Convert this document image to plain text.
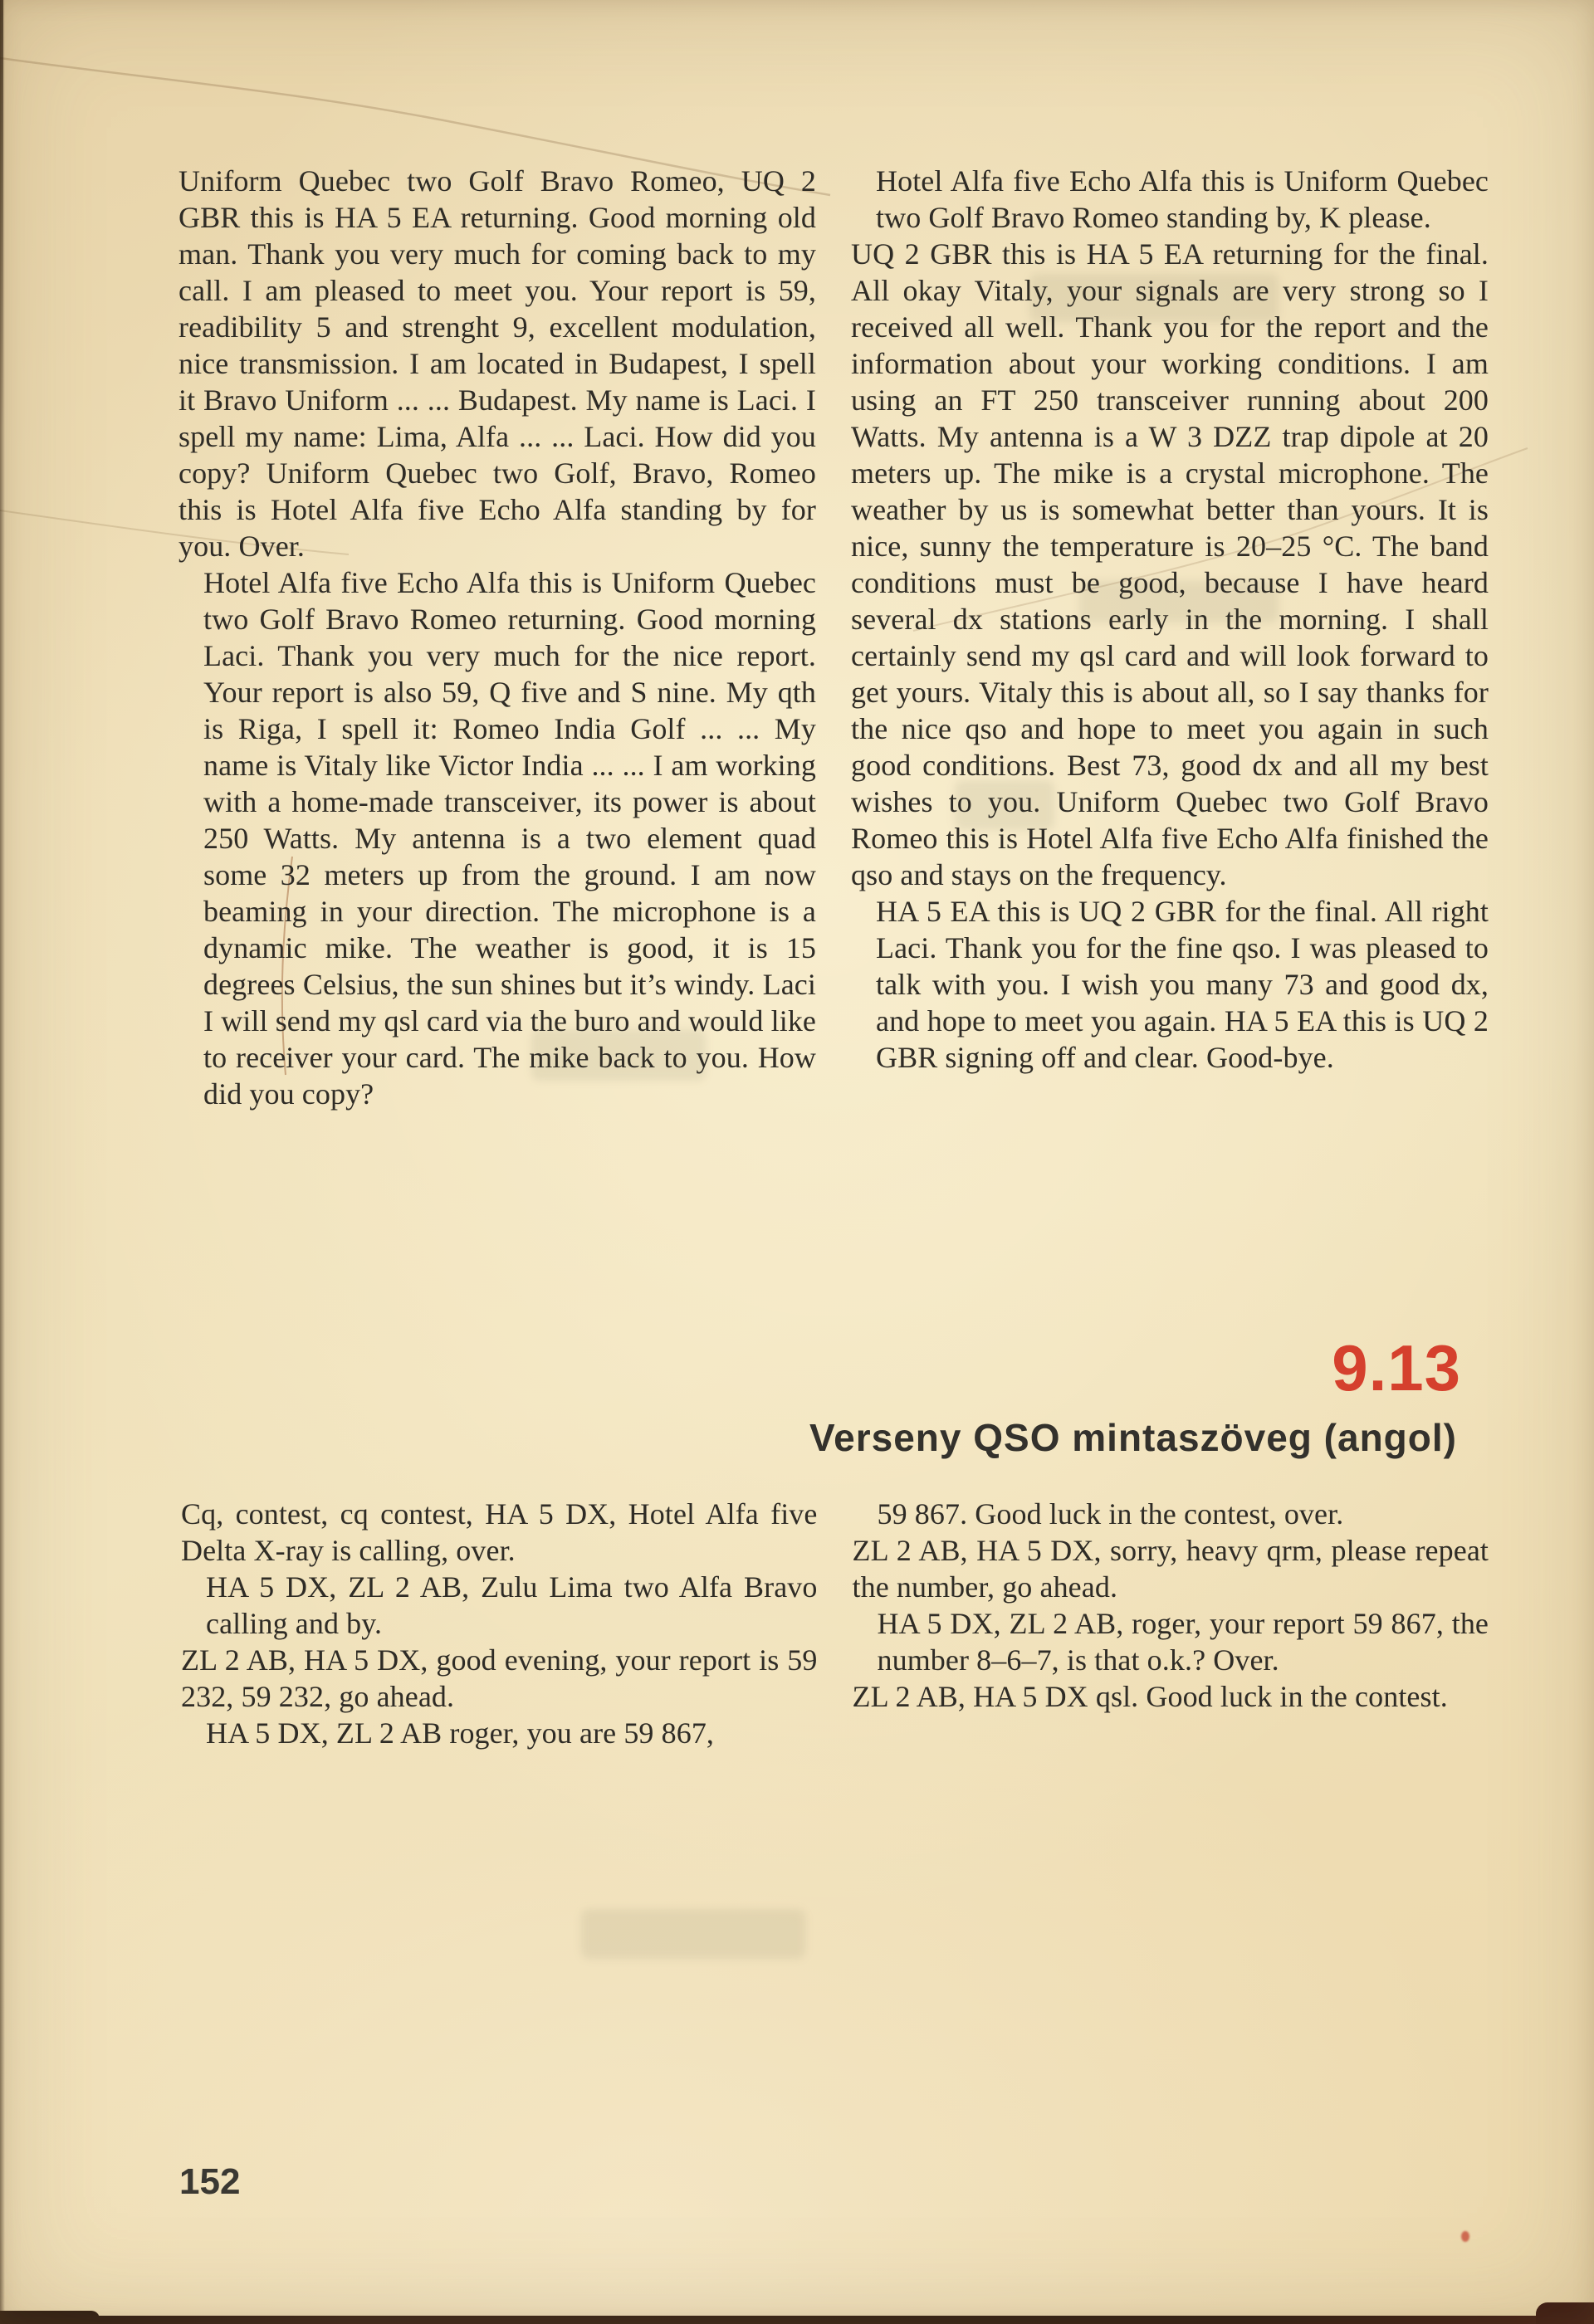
Uniform Quebec two Golf Bravo Romeo, UQ 2 GBR this is HA 5 EA returning. Good morning old man. Thank you very much for coming back to my call. I am pleased to meet you. Your report is 59, readibility 5 and strenght 9, excellent modulation, nice transmission. I am located in Budapest, I spell it Bravo Uniform ... ... Budapest. My name is Laci. I spell my name: Lima, Alfa ... ... Laci. How did you copy? Uniform Quebec two Golf, Bravo, Romeo this is Hotel Alfa five Echo Alfa standing by for you. Over.

Hotel Alfa five Echo Alfa this is Uniform Quebec two Golf Bravo Romeo returning. Good morning Laci. Thank you very much for the nice report. Your report is also 59, Q five and S nine. My qth is Riga, I spell it: Romeo India Golf ... ... My name is Vitaly like Victor India ... ... I am working with a home-made transceiver, its power is about 250 Watts. My antenna is a two element quad some 32 meters up from the ground. I am now beaming in your direction. The microphone is a dynamic mike. The weather is good, it is 15 degrees Celsius, the sun shines but it’s windy. Laci I will send my qsl card via the buro and would like to receiver your card. The mike back to you. How did you copy?

Hotel Alfa five Echo Alfa this is Uniform Quebec two Golf Bravo Romeo standing by, K please.

UQ 2 GBR this is HA 5 EA returning for the final. All okay Vitaly, your signals are very strong so I received all well. Thank you for the report and the information about your working conditions. I am using an FT 250 transceiver running about 200 Watts. My antenna is a W 3 DZZ trap dipole at 20 meters up. The mike is a crystal microphone. The weather by us is somewhat better than yours. It is nice, sunny the temperature is 20–25 °C. The band conditions must be good, because I have heard several dx stations early in the morning. I shall certainly send my qsl card and will look forward to get yours. Vitaly this is about all, so I say thanks for the nice qso and hope to meet you again in such good conditions. Best 73, good dx and all my best wishes to you. Uniform Quebec two Golf Bravo Romeo this is Hotel Alfa five Echo Alfa finished the qso and stays on the frequency.

HA 5 EA this is UQ 2 GBR for the final. All right Laci. Thank you for the fine qso. I was pleased to talk with you. I wish you many 73 and good dx, and hope to meet you again. HA 5 EA this is UQ 2 GBR signing off and clear. Good-bye.

9.13
Verseny QSO mintaszöveg (angol)

Cq, contest, cq contest, HA 5 DX, Hotel Alfa five Delta X-ray is calling, over.

HA 5 DX, ZL 2 AB, Zulu Lima two Alfa Bravo calling and by.

ZL 2 AB, HA 5 DX, good evening, your report is 59 232, 59 232, go ahead.

HA 5 DX, ZL 2 AB roger, you are 59 867,

59 867. Good luck in the contest, over.

ZL 2 AB, HA 5 DX, sorry, heavy qrm, please repeat the number, go ahead.

HA 5 DX, ZL 2 AB, roger, your report 59 867, the number 8–6–7, is that o.k.? Over.

ZL 2 AB, HA 5 DX qsl. Good luck in the contest.

152
